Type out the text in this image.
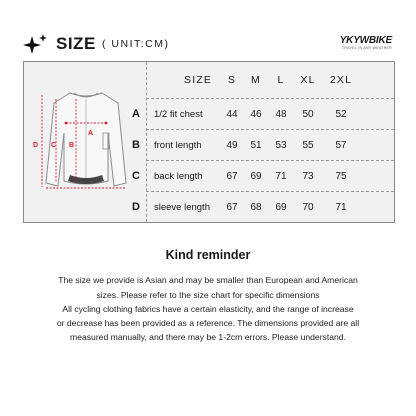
SIZE ( UNIT:CM)	YKYWBIKE
TRAVEL IN ANY WEATHER
A
B
C
D
SIZE	S	M	L	XL	2XL
A 1/2 fit chest 44 46 48 50 52
B front length 49 51 53 55 57
C back length 67 69 71 73 75
D sleeve length 67 68 69 70 71
Kind reminder
The size we provide is Asian and may be smaller than European and American
sizes. Please refer to the size chart for specific dimensions
All cycling clothing fabrics have a certain elasticity, and the range of increase
or decrease has been provided as a reference. The dimensions provided are all
measured manually, and there may be 1-2cm errors. Please understand.
